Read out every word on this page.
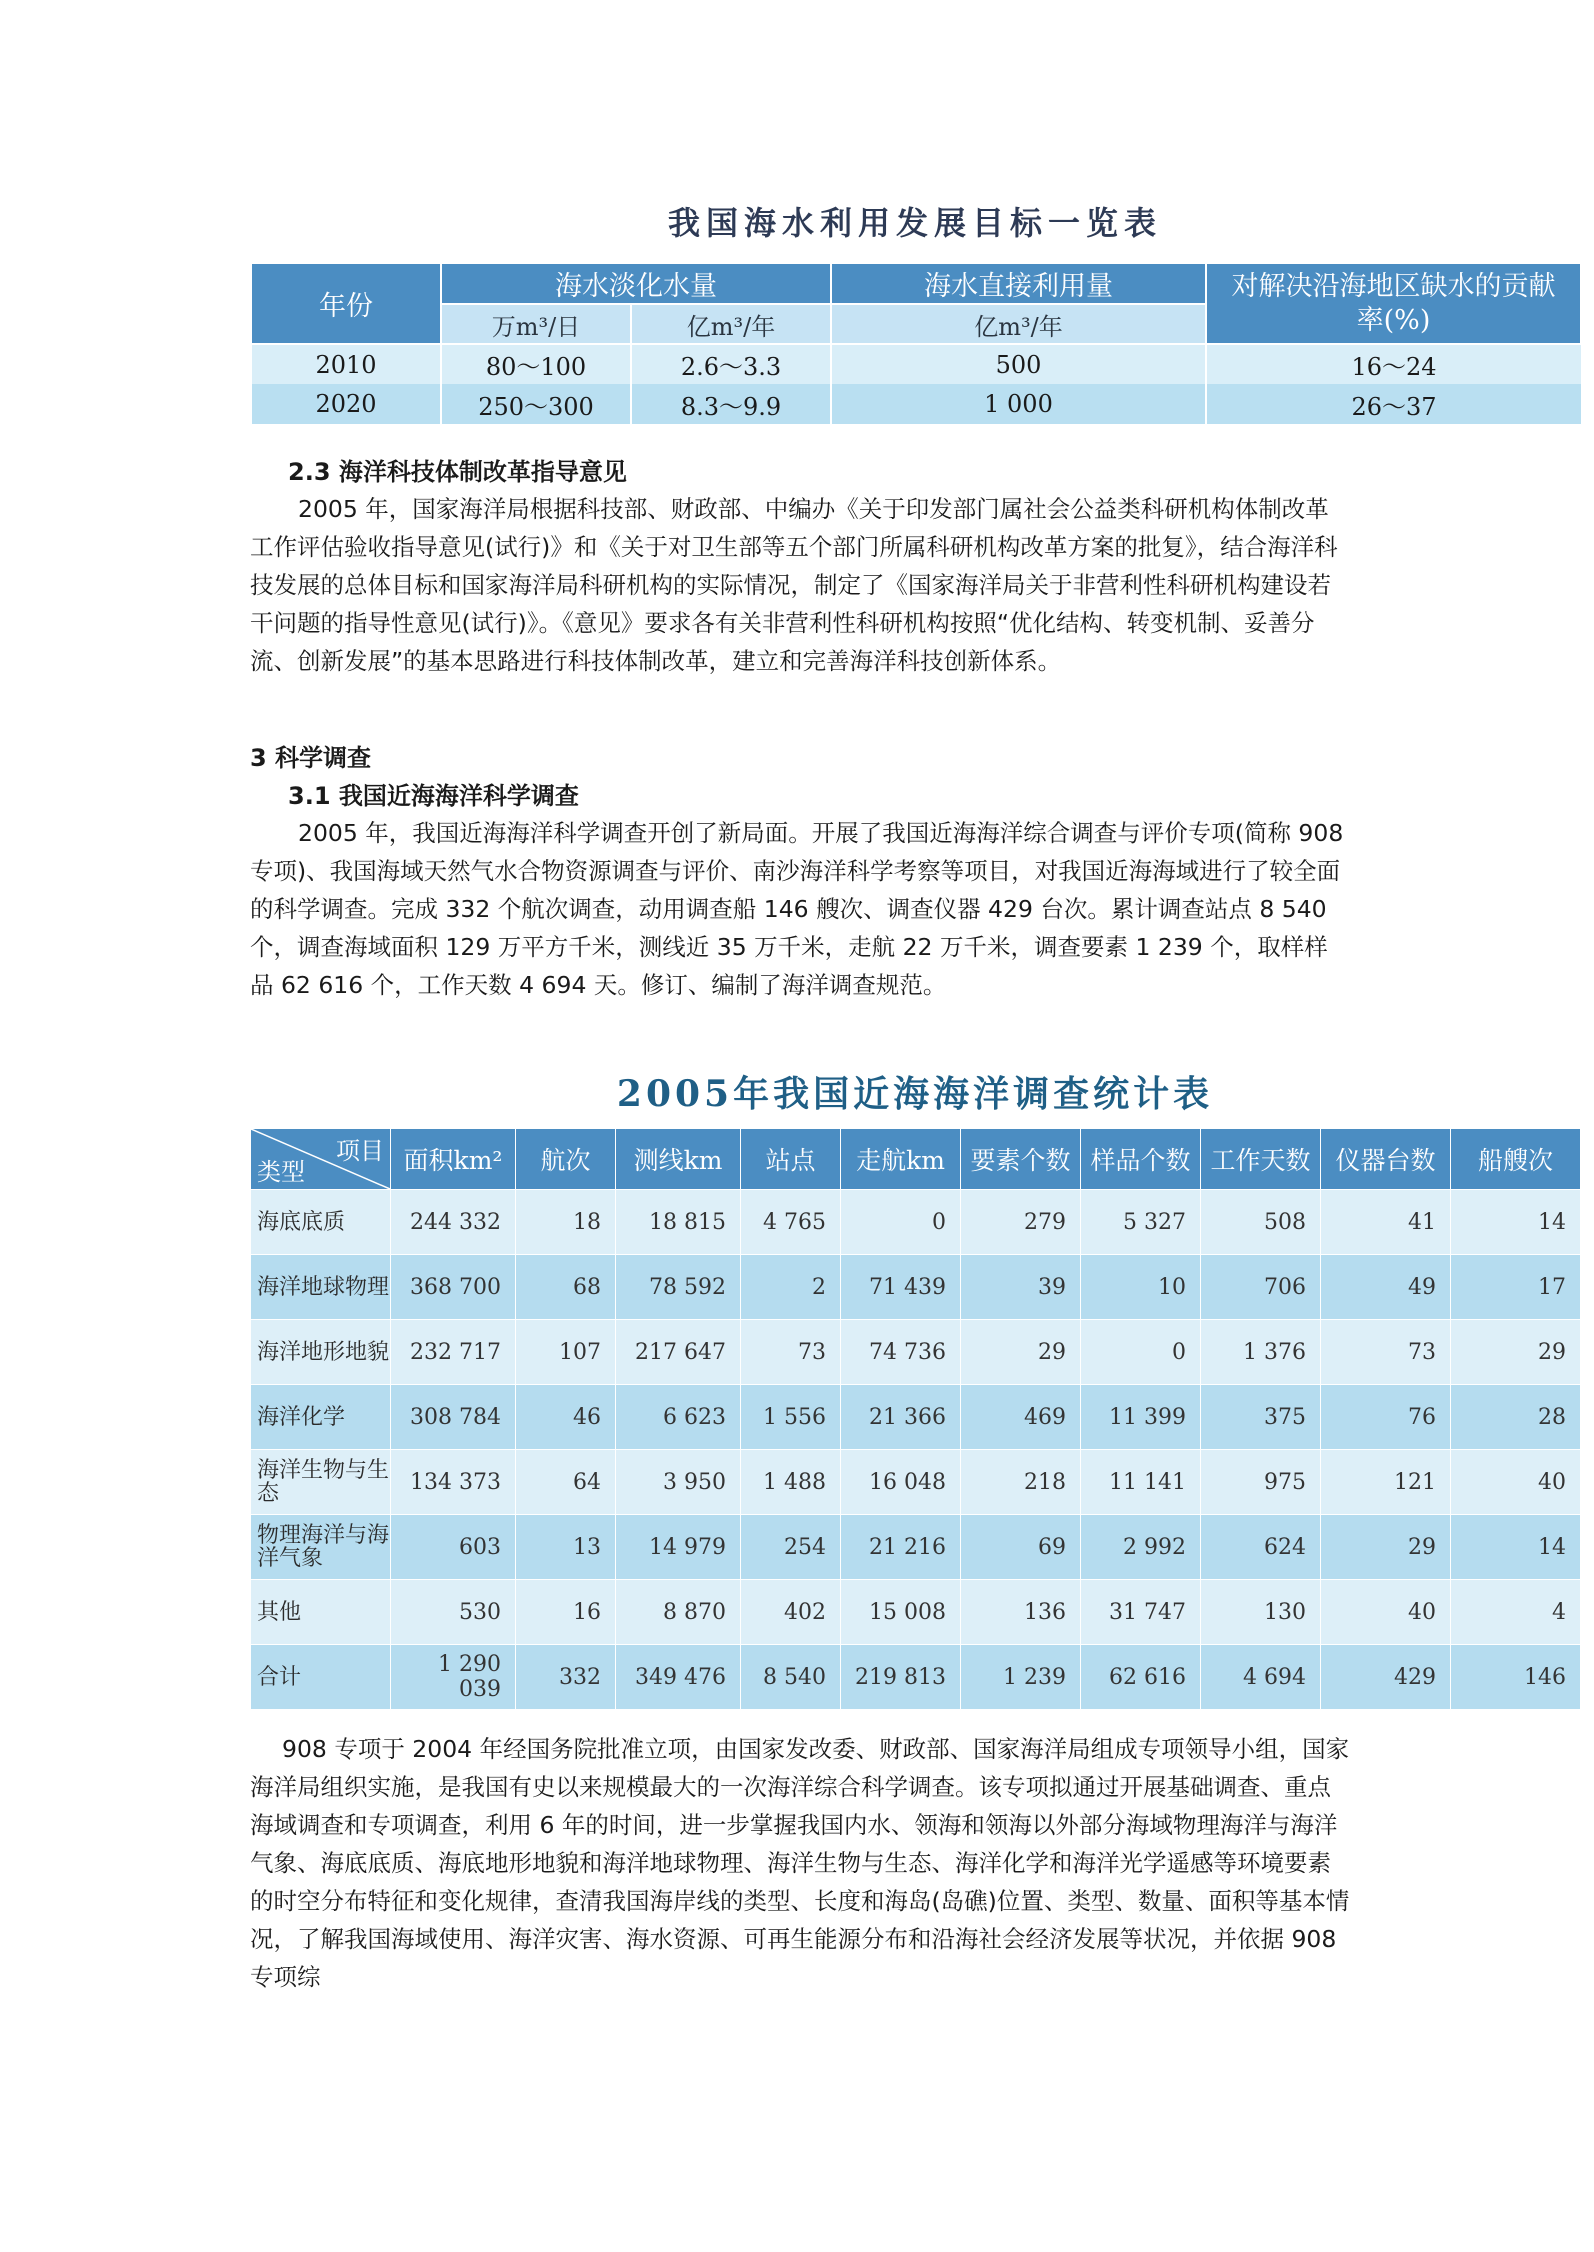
我国海水利用发展目标一览表
年份	海水淡化水量		海水直接利用量	对解决沿海地区缺水的贡献率(%)
	万m³/日	亿m³/年	亿m³/年	
2010	80～100	2.6～3.3	500	16～24
2020	250～300	8.3～9.9	1 000	26～37
2.3 海洋科技体制改革指导意见
2005 年，国家海洋局根据科技部、财政部、中编办《关于印发部门属社会公益类科研机构体制改革工作评估验收指导意见(试行)》和《关于对卫生部等五个部门所属科研机构改革方案的批复》，结合海洋科技发展的总体目标和国家海洋局科研机构的实际情况，制定了《国家海洋局关于非营利性科研机构建设若干问题的指导性意见(试行)》。《意见》要求各有关非营利性科研机构按照“优化结构、转变机制、妥善分流、创新发展”的基本思路进行科技体制改革，建立和完善海洋科技创新体系。
3 科学调查
3.1 我国近海海洋科学调查
2005 年，我国近海海洋科学调查开创了新局面。开展了我国近海海洋综合调查与评价专项(简称 908 专项)、我国海域天然气水合物资源调查与评价、南沙海洋科学考察等项目，对我国近海海域进行了较全面的科学调查。完成 332 个航次调查，动用调查船 146 艘次、调查仪器 429 台次。累计调查站点 8 540 个，调查海域面积 129 万平方千米，测线近 35 万千米，走航 22 万千米，调查要素 1 239 个，取样样品 62 616 个，工作天数 4 694 天。修订、编制了海洋调查规范。
2005年我国近海海洋调查统计表
项目
类型	面积km²	航次	测线km	站点	走航km	要素个数	样品个数	工作天数	仪器台数	船艘次
海底底质	244 332	18	18 815	4 765	0	279	5 327	508	41	14
海洋地球物理	368 700	68	78 592	2	71 439	39	10	706	49	17
海洋地形地貌	232 717	107	217 647	73	74 736	29	0	1 376	73	29
海洋化学	308 784	46	6 623	1 556	21 366	469	11 399	375	76	28
海洋生物与生态	134 373	64	3 950	1 488	16 048	218	11 141	975	121	40
物理海洋与海洋气象	603	13	14 979	254	21 216	69	2 992	624	29	14
其他	530	16	8 870	402	15 008	136	31 747	130	40	4
合计	1 290 039	332	349 476	8 540	219 813	1 239	62 616	4 694	429	146
908 专项于 2004 年经国务院批准立项，由国家发改委、财政部、国家海洋局组成专项领导小组，国家海洋局组织实施，是我国有史以来规模最大的一次海洋综合科学调查。该专项拟通过开展基础调查、重点海域调查和专项调查，利用 6 年的时间，进一步掌握我国内水、领海和领海以外部分海域物理海洋与海洋气象、海底底质、海底地形地貌和海洋地球物理、海洋生物与生态、海洋化学和海洋光学遥感等环境要素的时空分布特征和变化规律，查清我国海岸线的类型、长度和海岛(岛礁)位置、类型、数量、面积等基本情况，了解我国海域使用、海洋灾害、海水资源、可再生能源分布和沿海社会经济发展等状况，并依据 908 专项综
